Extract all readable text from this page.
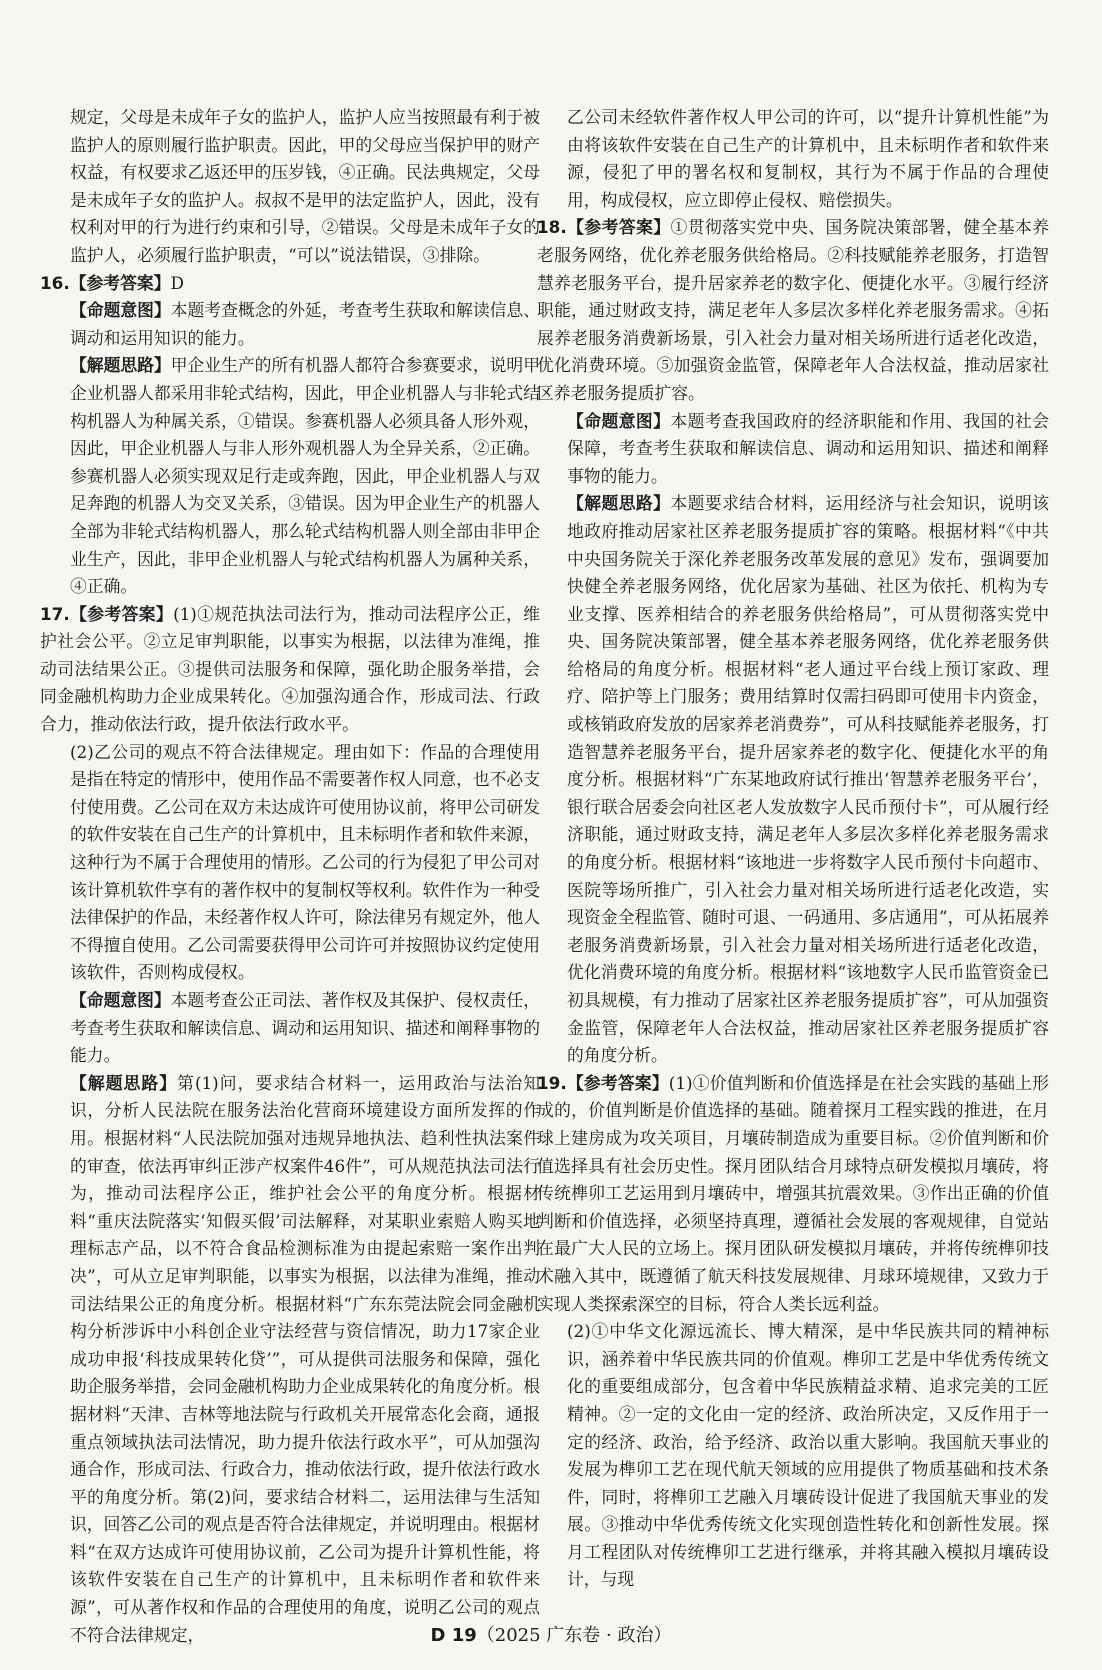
规定，父母是未成年子女的监护人，监护人应当按照最有利于被监护人的原则履行监护职责。因此，甲的父母应当保护甲的财产权益，有权要求乙返还甲的压岁钱，④正确。民法典规定，父母是未成年子女的监护人。叔叔不是甲的法定监护人，因此，没有权利对甲的行为进行约束和引导，②错误。父母是未成年子女的监护人，必须履行监护职责，“可以”说法错误，③排除。

16.【参考答案】D

【命题意图】本题考查概念的外延，考查考生获取和解读信息、调动和运用知识的能力。

【解题思路】甲企业生产的所有机器人都符合参赛要求，说明甲企业机器人都采用非轮式结构，因此，甲企业机器人与非轮式结构机器人为种属关系，①错误。参赛机器人必须具备人形外观，因此，甲企业机器人与非人形外观机器人为全异关系，②正确。参赛机器人必须实现双足行走或奔跑，因此，甲企业机器人与双足奔跑的机器人为交叉关系，③错误。因为甲企业生产的机器人全部为非轮式结构机器人，那么轮式结构机器人则全部由非甲企业生产，因此，非甲企业机器人与轮式结构机器人为属种关系，④正确。

17.【参考答案】(1)①规范执法司法行为，推动司法程序公正，维护社会公平。②立足审判职能，以事实为根据，以法律为准绳，推动司法结果公正。③提供司法服务和保障，强化助企服务举措，会同金融机构助力企业成果转化。④加强沟通合作，形成司法、行政合力，推动依法行政，提升依法行政水平。

(2)乙公司的观点不符合法律规定。理由如下：作品的合理使用是指在特定的情形中，使用作品不需要著作权人同意，也不必支付使用费。乙公司在双方未达成许可使用协议前，将甲公司研发的软件安装在自己生产的计算机中，且未标明作者和软件来源，这种行为不属于合理使用的情形。乙公司的行为侵犯了甲公司对该计算机软件享有的著作权中的复制权等权利。软件作为一种受法律保护的作品，未经著作权人许可，除法律另有规定外，他人不得擅自使用。乙公司需要获得甲公司许可并按照协议约定使用该软件，否则构成侵权。

【命题意图】本题考查公正司法、著作权及其保护、侵权责任，考查考生获取和解读信息、调动和运用知识、描述和阐释事物的能力。

【解题思路】第(1)问，要求结合材料一，运用政治与法治知识，分析人民法院在服务法治化营商环境建设方面所发挥的作用。根据材料“人民法院加强对违规异地执法、趋利性执法案件的审查，依法再审纠正涉产权案件46件”，可从规范执法司法行为，推动司法程序公正，维护社会公平的角度分析。根据材料“重庆法院落实‘知假买假’司法解释，对某职业索赔人购买地理标志产品，以不符合食品检测标准为由提起索赔一案作出判决”，可从立足审判职能，以事实为根据，以法律为准绳，推动司法结果公正的角度分析。根据材料“广东东莞法院会同金融机构分析涉诉中小科创企业守法经营与资信情况，助力17家企业成功申报‘科技成果转化贷’”，可从提供司法服务和保障，强化助企服务举措，会同金融机构助力企业成果转化的角度分析。根据材料“天津、吉林等地法院与行政机关开展常态化会商，通报重点领域执法司法情况，助力提升依法行政水平”，可从加强沟通合作，形成司法、行政合力，推动依法行政，提升依法行政水平的角度分析。第(2)问，要求结合材料二，运用法律与生活知识，回答乙公司的观点是否符合法律规定，并说明理由。根据材料“在双方达成许可使用协议前，乙公司为提升计算机性能，将该软件安装在自己生产的计算机中，且未标明作者和软件来源”，可从著作权和作品的合理使用的角度，说明乙公司的观点不符合法律规定，

乙公司未经软件著作权人甲公司的许可，以“提升计算机性能”为由将该软件安装在自己生产的计算机中，且未标明作者和软件来源，侵犯了甲的署名权和复制权，其行为不属于作品的合理使用，构成侵权，应立即停止侵权、赔偿损失。

18.【参考答案】①贯彻落实党中央、国务院决策部署，健全基本养老服务网络，优化养老服务供给格局。②科技赋能养老服务，打造智慧养老服务平台，提升居家养老的数字化、便捷化水平。③履行经济职能，通过财政支持，满足老年人多层次多样化养老服务需求。④拓展养老服务消费新场景，引入社会力量对相关场所进行适老化改造，优化消费环境。⑤加强资金监管，保障老年人合法权益，推动居家社区养老服务提质扩容。

【命题意图】本题考查我国政府的经济职能和作用、我国的社会保障，考查考生获取和解读信息、调动和运用知识、描述和阐释事物的能力。

【解题思路】本题要求结合材料，运用经济与社会知识，说明该地政府推动居家社区养老服务提质扩容的策略。根据材料“《中共中央国务院关于深化养老服务改革发展的意见》发布，强调要加快健全养老服务网络，优化居家为基础、社区为依托、机构为专业支撑、医养相结合的养老服务供给格局”，可从贯彻落实党中央、国务院决策部署，健全基本养老服务网络，优化养老服务供给格局的角度分析。根据材料“老人通过平台线上预订家政、理疗、陪护等上门服务；费用结算时仅需扫码即可使用卡内资金，或核销政府发放的居家养老消费券”，可从科技赋能养老服务，打造智慧养老服务平台，提升居家养老的数字化、便捷化水平的角度分析。根据材料“广东某地政府试行推出‘智慧养老服务平台’，银行联合居委会向社区老人发放数字人民币预付卡”，可从履行经济职能，通过财政支持，满足老年人多层次多样化养老服务需求的角度分析。根据材料“该地进一步将数字人民币预付卡向超市、医院等场所推广，引入社会力量对相关场所进行适老化改造，实现资金全程监管、随时可退、一码通用、多店通用”，可从拓展养老服务消费新场景，引入社会力量对相关场所进行适老化改造，优化消费环境的角度分析。根据材料“该地数字人民币监管资金已初具规模，有力推动了居家社区养老服务提质扩容”，可从加强资金监管，保障老年人合法权益，推动居家社区养老服务提质扩容的角度分析。

19.【参考答案】(1)①价值判断和价值选择是在社会实践的基础上形成的，价值判断是价值选择的基础。随着探月工程实践的推进，在月球上建房成为攻关项目，月壤砖制造成为重要目标。②价值判断和价值选择具有社会历史性。探月团队结合月球特点研发模拟月壤砖，将传统榫卯工艺运用到月壤砖中，增强其抗震效果。③作出正确的价值判断和价值选择，必须坚持真理，遵循社会发展的客观规律，自觉站在最广大人民的立场上。探月团队研发模拟月壤砖，并将传统榫卯技术融入其中，既遵循了航天科技发展规律、月球环境规律，又致力于实现人类探索深空的目标，符合人类长远利益。

(2)①中华文化源远流长、博大精深，是中华民族共同的精神标识，涵养着中华民族共同的价值观。榫卯工艺是中华优秀传统文化的重要组成部分，包含着中华民族精益求精、追求完美的工匠精神。②一定的文化由一定的经济、政治所决定，又反作用于一定的经济、政治，给予经济、政治以重大影响。我国航天事业的发展为榫卯工艺在现代航天领域的应用提供了物质基础和技术条件，同时，将榫卯工艺融入月壤砖设计促进了我国航天事业的发展。③推动中华优秀传统文化实现创造性转化和创新性发展。探月工程团队对传统榫卯工艺进行继承，并将其融入模拟月壤砖设计，与现

D 19（2025 广东卷 · 政治）
